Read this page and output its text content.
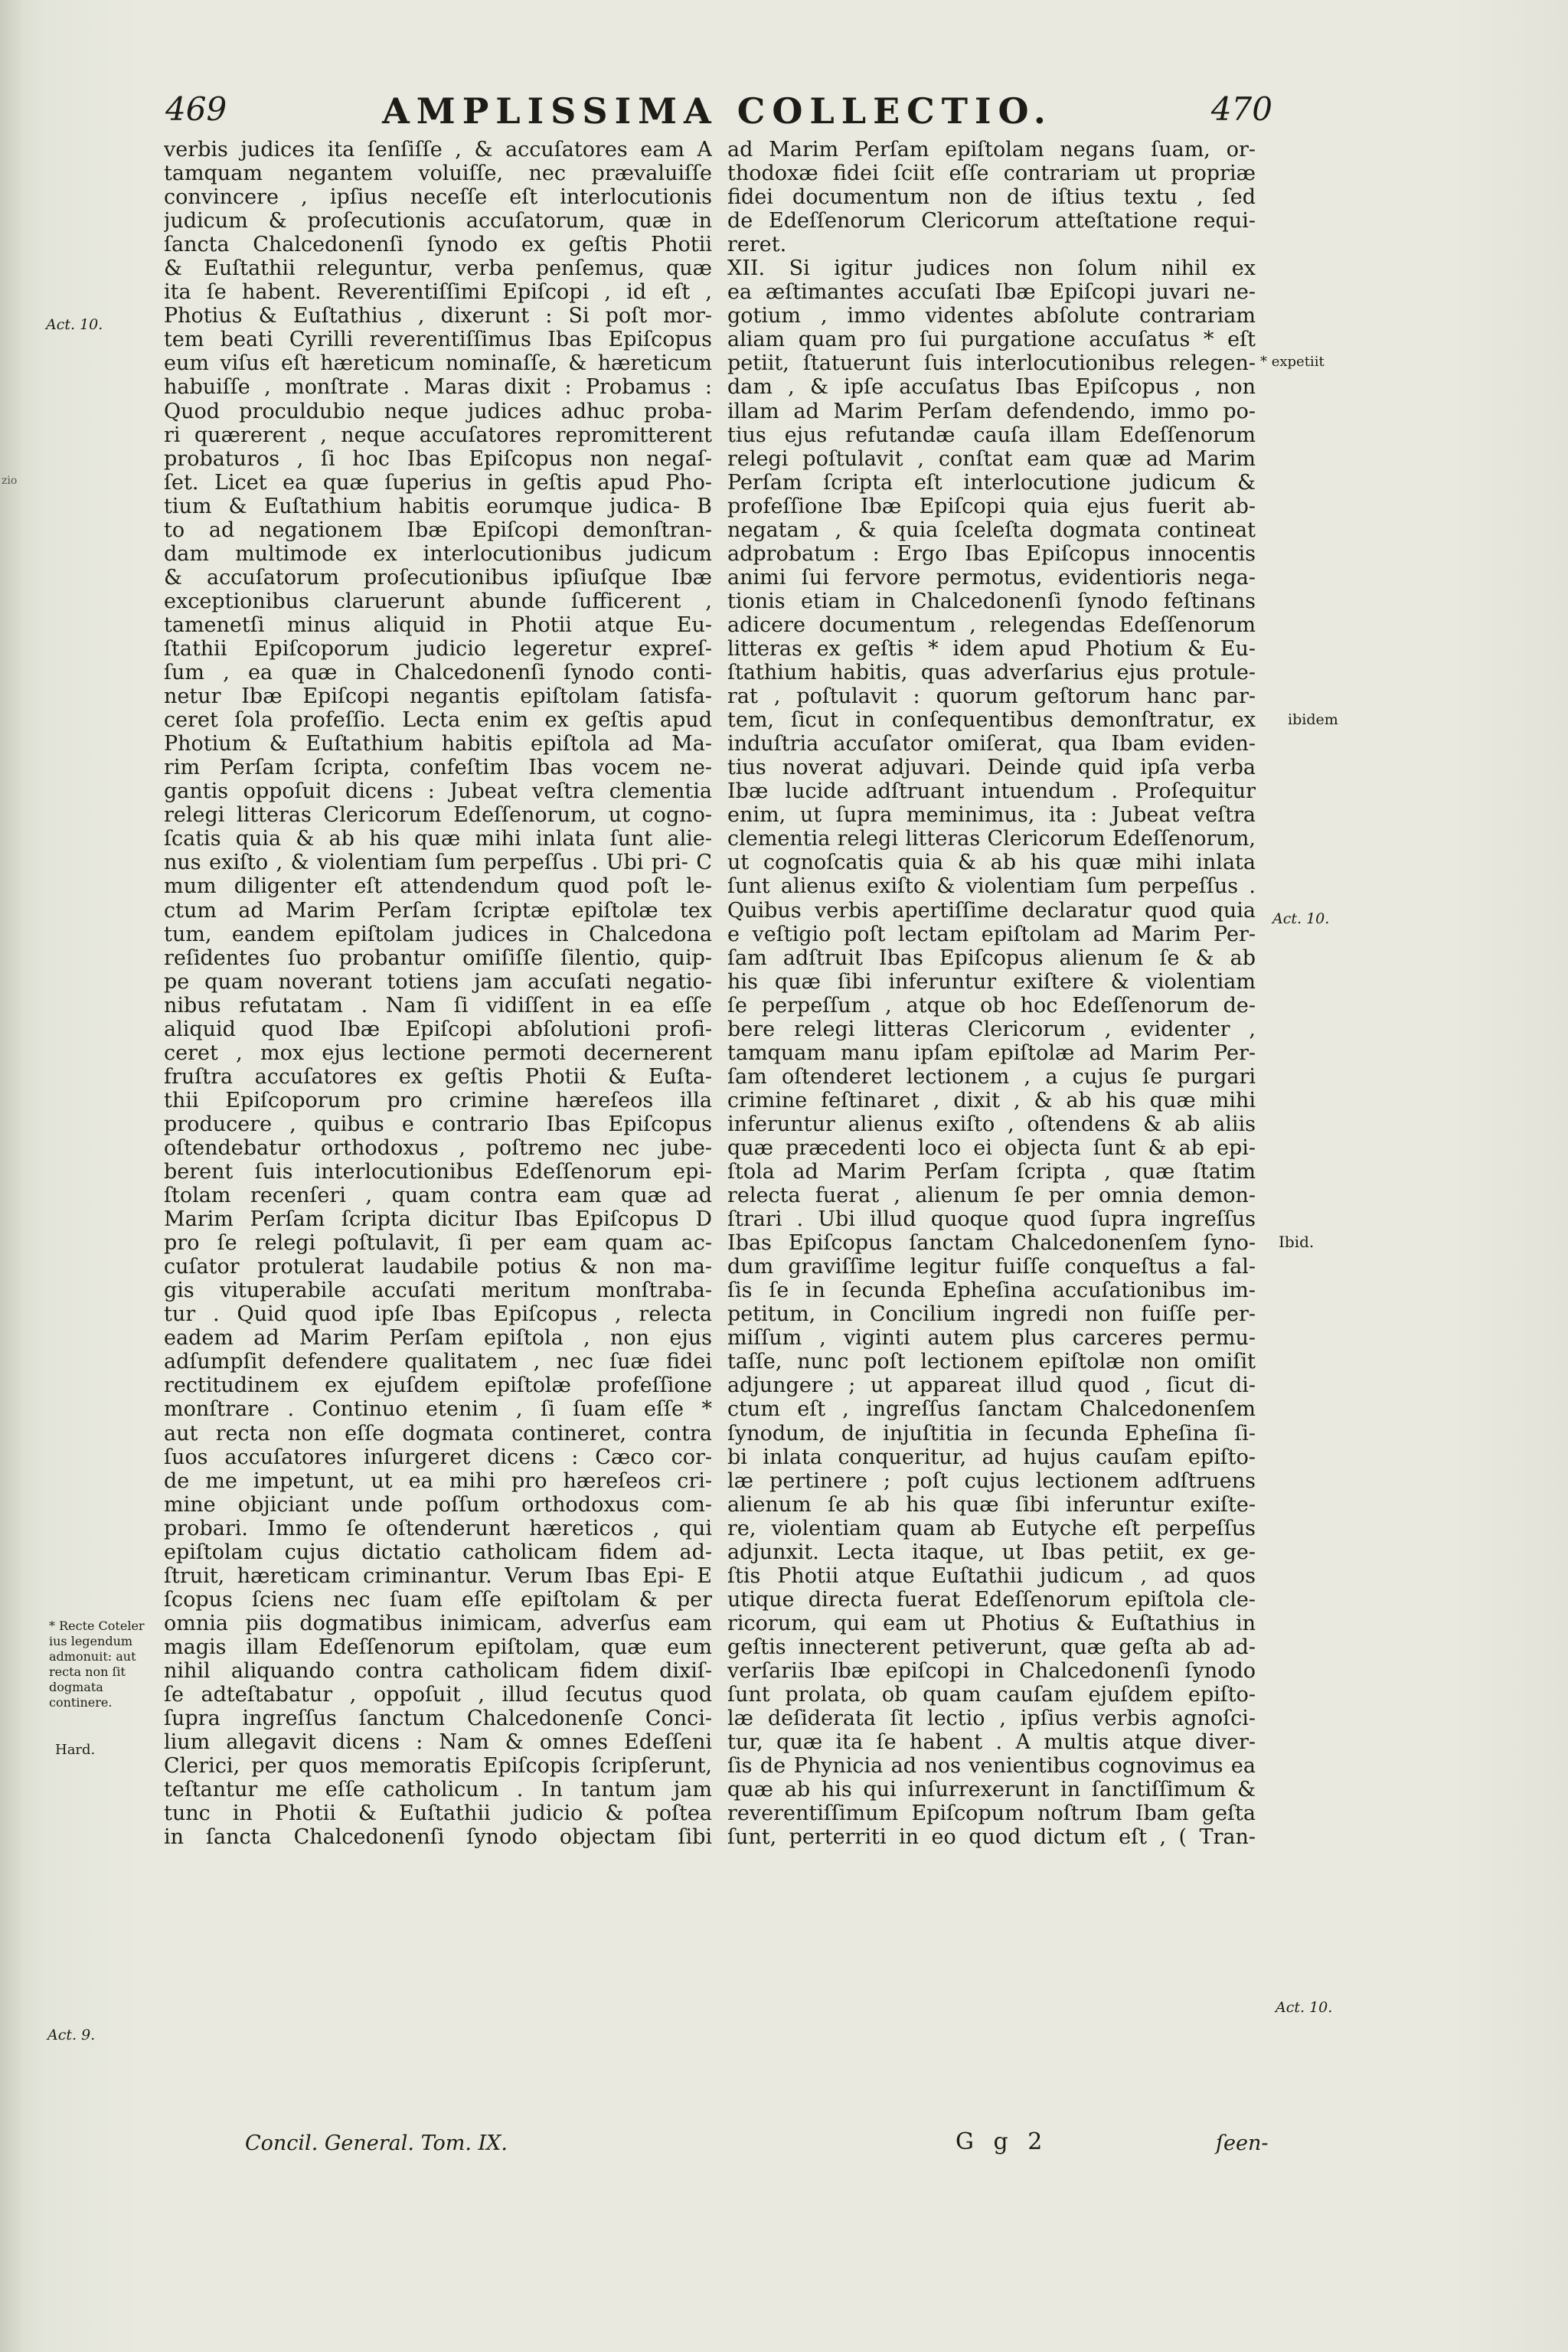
zio
469	AMPLISSIMA COLLECTIO.	470
verbis judices ita ſenſiſſe , & accuſatores eam A
tamquam negantem voluiſſe, nec prævaluiſſe
convincere , ipſius neceſſe eſt interlocutionis
judicum & proſecutionis accuſatorum, quæ in
ſancta Chalcedonenſi ſynodo ex geſtis Photii
& Euſtathii releguntur, verba penſemus, quæ
ita ſe habent. Reverentiſſimi Epiſcopi , id eſt ,
Photius & Euſtathius , dixerunt : Si poſt mor-
tem beati Cyrilli reverentiſſimus Ibas Epiſcopus
eum viſus eſt hæreticum nominaſſe, & hæreticum
habuiſſe , monſtrate . Maras dixit : Probamus :
Quod proculdubio neque judices adhuc proba-
ri quærerent , neque accuſatores repromitterent
probaturos , ſi hoc Ibas Epiſcopus non negaſ-
ſet. Licet ea quæ ſuperius in geſtis apud Pho-
tium & Euſtathium habitis eorumque judica- B
to ad negationem Ibæ Epiſcopi demonſtran-
dam multimode ex interlocutionibus judicum
& accuſatorum proſecutionibus ipſiuſque Ibæ
exceptionibus claruerunt abunde ſufficerent ,
tamenetſi minus aliquid in Photii atque Eu-
ſtathii Epiſcoporum judicio legeretur expreſ-
ſum , ea quæ in Chalcedonenſi ſynodo conti-
netur Ibæ Epiſcopi negantis epiſtolam ſatisfa-
ceret ſola profeſſio. Lecta enim ex geſtis apud
Photium & Euſtathium habitis epiſtola ad Ma-
rim Perſam ſcripta, confeſtim Ibas vocem ne-
gantis oppoſuit dicens : Jubeat veſtra clementia
relegi litteras Clericorum Edeſſenorum, ut cogno-
ſcatis quia & ab his quæ mihi inlata ſunt alie-
nus exiſto , & violentiam ſum perpeſſus . Ubi pri- C
mum diligenter eſt attendendum quod poſt le-
ctum ad Marim Perſam ſcriptæ epiſtolæ tex
tum, eandem epiſtolam judices in Chalcedona
reſidentes ſuo probantur omiſiſſe ſilentio, quip-
pe quam noverant totiens jam accuſati negatio-
nibus refutatam . Nam ſi vidiſſent in ea eſſe
aliquid quod Ibæ Epiſcopi abſolutioni profi-
ceret , mox ejus lectione permoti decernerent
fruſtra accuſatores ex geſtis Photii & Euſta-
thii Epiſcoporum pro crimine hæreſeos illa
producere , quibus e contrario Ibas Epiſcopus
oſtendebatur orthodoxus , poſtremo nec jube-
berent ſuis interlocutionibus Edeſſenorum epi-
ſtolam recenſeri , quam contra eam quæ ad
Marim Perſam ſcripta dicitur Ibas Epiſcopus D
pro ſe relegi poſtulavit, ſi per eam quam ac-
cuſator protulerat laudabile potius & non ma-
gis vituperabile accuſati meritum monſtraba-
tur . Quid quod ipſe Ibas Epiſcopus , relecta
eadem ad Marim Perſam epiſtola , non ejus
adſumpſit defendere qualitatem , nec ſuæ fidei
rectitudinem ex ejuſdem epiſtolæ profeſſione
monſtrare . Continuo etenim , ſi ſuam eſſe *
aut recta non eſſe dogmata contineret, contra
ſuos accuſatores inſurgeret dicens : Cæco cor-
de me impetunt, ut ea mihi pro hæreſeos cri-
mine objiciant unde poſſum orthodoxus com-
probari. Immo ſe oſtenderunt hæreticos , qui
epiſtolam cujus dictatio catholicam fidem ad-
ſtruit, hæreticam criminantur. Verum Ibas Epi- E
ſcopus ſciens nec ſuam eſſe epiſtolam & per
omnia piis dogmatibus inimicam, adverſus eam
magis illam Edeſſenorum epiſtolam, quæ eum
nihil aliquando contra catholicam fidem dixiſ-
ſe adteſtabatur , oppoſuit , illud ſecutus quod
ſupra ingreſſus ſanctum Chalcedonenſe Conci-
lium allegavit dicens : Nam & omnes Edeſſeni
Clerici, per quos memoratis Epiſcopis ſcripſerunt,
teſtantur me eſſe catholicum . In tantum jam
tunc in Photii & Euſtathii judicio & poſtea
in ſancta Chalcedonenſi ſynodo objectam ſibi
ad Marim Perſam epiſtolam negans ſuam, or-
thodoxæ fidei ſciit eſſe contrariam ut propriæ
fidei documentum non de iſtius textu , ſed
de Edeſſenorum Clericorum atteſtatione requi-
reret.
XII. Si igitur judices non ſolum nihil ex
ea æſtimantes accuſati Ibæ Epiſcopi juvari ne-
gotium , immo videntes abſolute contrariam
aliam quam pro ſui purgatione accuſatus * eſt
petiit, ſtatuerunt ſuis interlocutionibus relegen-
dam , & ipſe accuſatus Ibas Epiſcopus , non
illam ad Marim Perſam defendendo, immo po-
tius ejus refutandæ cauſa illam Edeſſenorum
relegi poſtulavit , conſtat eam quæ ad Marim
Perſam ſcripta eſt interlocutione judicum &
profeſſione Ibæ Epiſcopi quia ejus fuerit ab-
negatam , & quia ſceleſta dogmata contineat
adprobatum : Ergo Ibas Epiſcopus innocentis
animi ſui fervore permotus, evidentioris nega-
tionis etiam in Chalcedonenſi ſynodo feſtinans
adicere documentum , relegendas Edeſſenorum
litteras ex geſtis * idem apud Photium & Eu-
ſtathium habitis, quas adverſarius ejus protule-
rat , poſtulavit : quorum geſtorum hanc par-
tem, ſicut in conſequentibus demonſtratur, ex
induſtria accuſator omiſerat, qua Ibam eviden-
tius noverat adjuvari. Deinde quid ipſa verba
Ibæ lucide adſtruant intuendum . Proſequitur
enim, ut ſupra meminimus, ita : Jubeat veſtra
clementia relegi litteras Clericorum Edeſſenorum,
ut cognoſcatis quia & ab his quæ mihi inlata
ſunt alienus exiſto & violentiam ſum perpeſſus .
Quibus verbis apertiſſime declaratur quod quia
e veſtigio poſt lectam epiſtolam ad Marim Per-
ſam adſtruit Ibas Epiſcopus alienum ſe & ab
his quæ ſibi inferuntur exiſtere & violentiam
ſe perpeſſum , atque ob hoc Edeſſenorum de-
bere relegi litteras Clericorum , evidenter ,
tamquam manu ipſam epiſtolæ ad Marim Per-
ſam oſtenderet lectionem , a cujus ſe purgari
crimine feſtinaret , dixit , & ab his quæ mihi
inferuntur alienus exiſto , oſtendens & ab aliis
quæ præcedenti loco ei objecta ſunt & ab epi-
ſtola ad Marim Perſam ſcripta , quæ ſtatim
relecta fuerat , alienum ſe per omnia demon-
ſtrari . Ubi illud quoque quod ſupra ingreſſus
Ibas Epiſcopus ſanctam Chalcedonenſem ſyno-
dum graviſſime legitur fuiſſe conqueſtus a fal-
ſis ſe in ſecunda Epheſina accuſationibus im-
petitum, in Concilium ingredi non fuiſſe per-
miſſum , viginti autem plus carceres permu-
taſſe, nunc poſt lectionem epiſtolæ non omiſit
adjungere ; ut appareat illud quod , ſicut di-
ctum eſt , ingreſſus ſanctam Chalcedonenſem
ſynodum, de injuſtitia in ſecunda Epheſina ſi-
bi inlata conqueritur, ad hujus cauſam epiſto-
læ pertinere ; poſt cujus lectionem adſtruens
alienum ſe ab his quæ ſibi inferuntur exiſte-
re, violentiam quam ab Eutyche eſt perpeſſus
adjunxit. Lecta itaque, ut Ibas petiit, ex ge-
ſtis Photii atque Euſtathii judicum , ad quos
utique directa fuerat Edeſſenorum epiſtola cle-
ricorum, qui eam ut Photius & Euſtathius in
geſtis innecterent petiverunt, quæ geſta ab ad-
verſariis Ibæ epiſcopi in Chalcedonenſi ſynodo
ſunt prolata, ob quam cauſam ejuſdem epiſto-
læ deſiderata ſit lectio , ipſius verbis agnoſci-
tur, quæ ita ſe habent . A multis atque diver-
ſis de Phynicia ad nos venientibus cognovimus ea
quæ ab his qui inſurrexerunt in ſanctiſſimum &
reverentiſſimum Epiſcopum noſtrum Ibam geſta
ſunt, perterriti in eo quod dictum eſt , ( Tran-
Act. 10.
* Recte Coteler ius legendum admonuit: aut recta non ſit dogmata continere.
Hard.
Act. 9.
* expetiit
ibidem
Act. 10.
Ibid.
Act. 10.
Concil. General. Tom. IX.	G g 2	ſeen-
